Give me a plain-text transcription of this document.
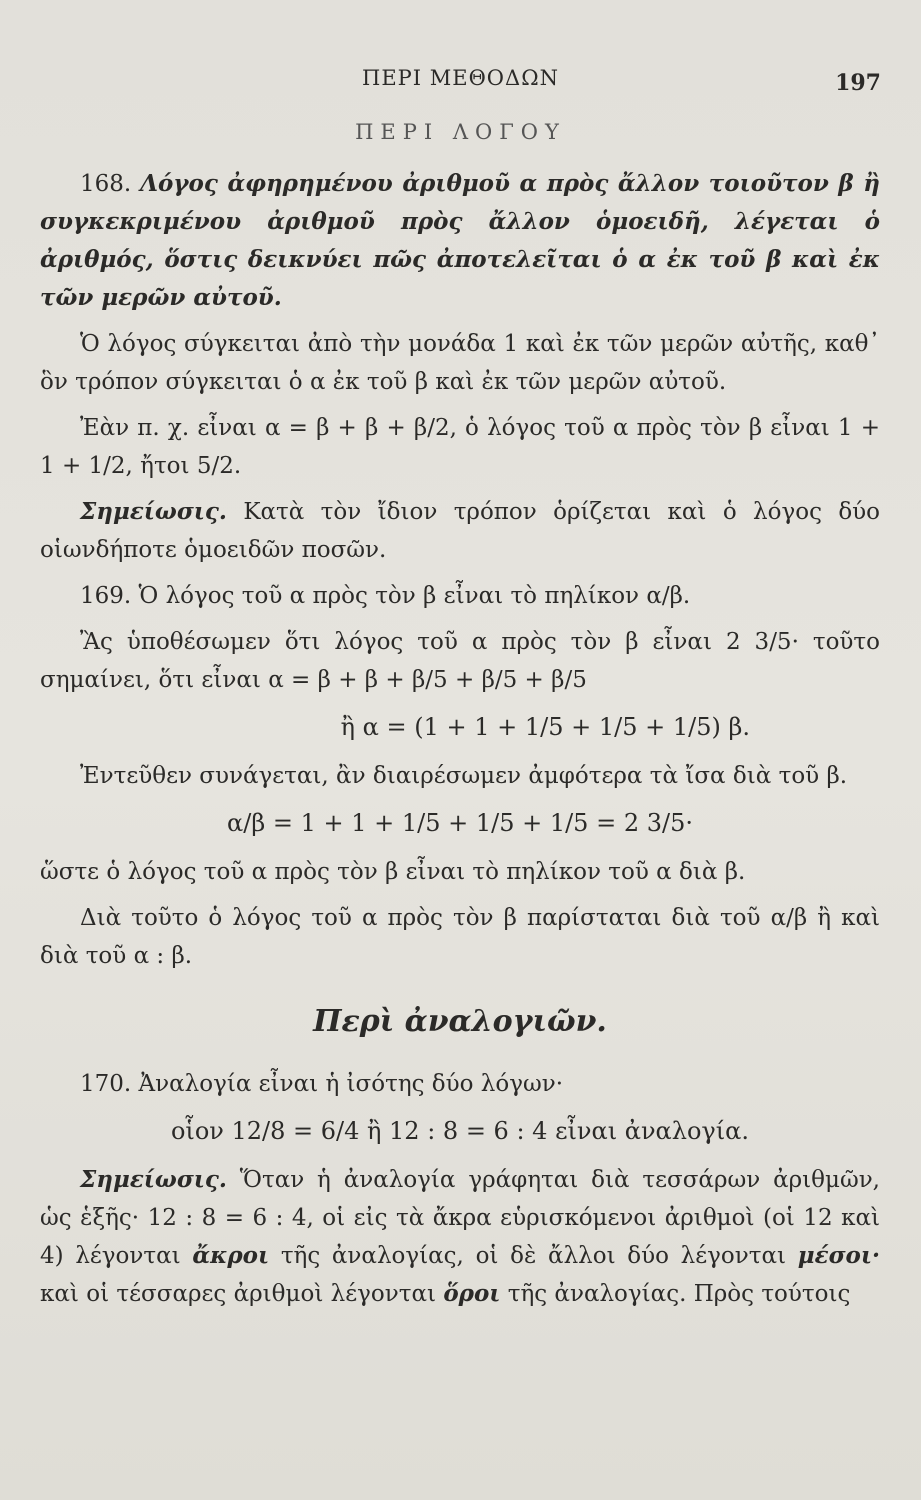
ΠΕΡΙ ΜΕΘΟΔΩΝ	197
ΠΕΡΙ ΛΟΓΟΥ

168. Λόγος ἀφηρημένου ἀριθμοῦ α πρὸς ἄλλον τοιοῦτον β ἢ συγκεκριμένου ἀριθμοῦ πρὸς ἄλλον ὁμοειδῆ, λέγεται ὁ ἀριθμός, ὅστις δεικνύει πῶς ἀποτελεῖται ὁ α ἐκ τοῦ β καὶ ἐκ τῶν μερῶν αὐτοῦ.

Ὁ λόγος σύγκειται ἀπὸ τὴν μονάδα 1 καὶ ἐκ τῶν μερῶν αὐτῆς, καθ᾽ ὃν τρόπον σύγκειται ὁ α ἐκ τοῦ β καὶ ἐκ τῶν μερῶν αὐτοῦ.

Ἐὰν π. χ. εἶναι α = β + β + β/2, ὁ λόγος τοῦ α πρὸς τὸν β εἶναι 1 + 1 + 1/2, ἤτοι 5/2.

Σημείωσις. Κατὰ τὸν ἴδιον τρόπον ὁρίζεται καὶ ὁ λόγος δύο οἱωνδήποτε ὁμοειδῶν ποσῶν.

169. Ὁ λόγος τοῦ α πρὸς τὸν β εἶναι τὸ πηλίκον α/β.

Ἂς ὑποθέσωμεν ὅτι λόγος τοῦ α πρὸς τὸν β εἶναι 2 3/5· τοῦτο σημαίνει, ὅτι εἶναι α = β + β + β/5 + β/5 + β/5

ἢ α = (1 + 1 + 1/5 + 1/5 + 1/5) β.

Ἐντεῦθεν συνάγεται, ἂν διαιρέσωμεν ἀμφότερα τὰ ἴσα διὰ τοῦ β.

α/β = 1 + 1 + 1/5 + 1/5 + 1/5 = 2 3/5·

ὥστε ὁ λόγος τοῦ α πρὸς τὸν β εἶναι τὸ πηλίκον τοῦ α διὰ β.

Διὰ τοῦτο ὁ λόγος τοῦ α πρὸς τὸν β παρίσταται διὰ τοῦ α/β ἢ καὶ διὰ τοῦ α : β.

Περὶ ἀναλογιῶν.

170. Ἀναλογία εἶναι ἡ ἰσότης δύο λόγων·

οἷον 12/8 = 6/4 ἢ 12 : 8 = 6 : 4 εἶναι ἀναλογία.

Σημείωσις. Ὅταν ἡ ἀναλογία γράφηται διὰ τεσσάρων ἀριθμῶν, ὡς ἑξῆς· 12 : 8 = 6 : 4, οἱ εἰς τὰ ἄκρα εὑρισκόμενοι ἀριθμοὶ (οἱ 12 καὶ 4) λέγονται ἄκροι τῆς ἀναλογίας, οἱ δὲ ἄλλοι δύο λέγονται μέσοι· καὶ οἱ τέσσαρες ἀριθμοὶ λέγονται ὅροι τῆς ἀναλογίας. Πρὸς τούτοις
